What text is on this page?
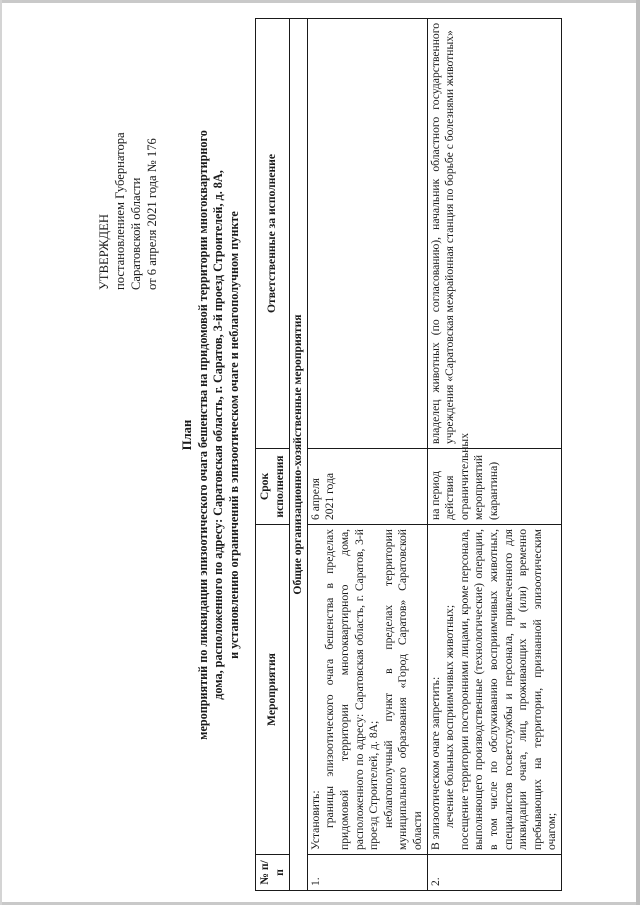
УТВЕРЖДЕН постановлением Губернатора Саратовской области от 6 апреля 2021 года № 176
План мероприятий по ликвидации эпизоотического очага бешенства на придомовой территории многоквартирного дома, расположенного по адресу: Саратовская область, г. Саратов, 3-й проезд Строителей, д. 8А, и установлению ограничений в эпизоотическом очаге и неблагополучном пункте
№ п/п	Мероприятия	Срок исполнения	Ответственные за исполнение
Общие организационно-хозяйственные мероприятия			
1.	Установить: границы эпизоотического очага бешенства в пределах придомовой территории многоквартирного дома, расположенного по адресу: Саратовская область, г. Саратов, 3-й проезд Строителей, д. 8А; неблагополучный пункт в пределах территории муниципального образования «Город Саратов» Саратовской области	6 апреля 2021 года	
2.	В эпизоотическом очаге запретить: лечение больных восприимчивых животных; посещение территории посторонними лицами, кроме персонала, выполняющего производственные (технологические) операции, в том числе по обслуживанию восприимчивых животных, специалистов госветслужбы и персонала, привлеченного для ликвидации очага, лиц, проживающих и (или) временно пребывающих на территории, признанной эпизоотическим очагом;	на период действия ограничительных мероприятий (карантина)	владелец животных (по согласованию), начальник областного государственного учреждения «Саратовская межрайонная станция по борьбе с болезнями животных»
